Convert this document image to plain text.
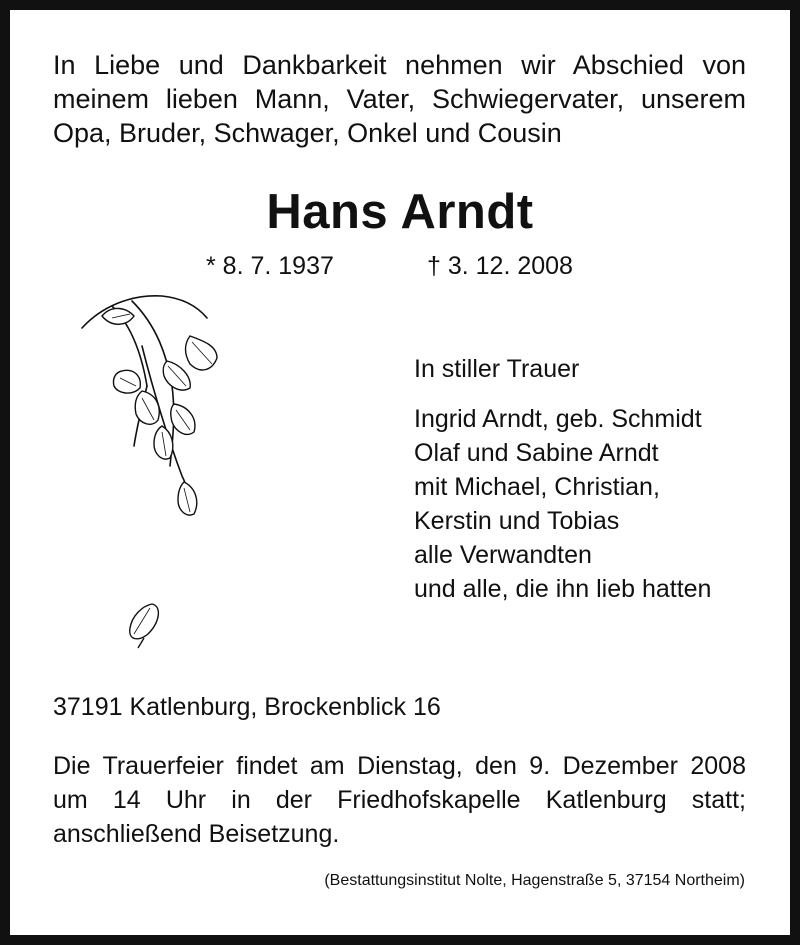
In Liebe und Dankbarkeit nehmen wir Abschied von
meinem lieben Mann, Vater, Schwiegervater, unserem
Opa, Bruder, Schwager, Onkel und Cousin
Hans Arndt
* 8. 7. 1937	† 3. 12. 2008
In stiller Trauer
Ingrid Arndt, geb. Schmidt
Olaf und Sabine Arndt
mit Michael, Christian,
Kerstin und Tobias
alle Verwandten
und alle, die ihn lieb hatten
37191 Katlenburg, Brockenblick 16
Die Trauerfeier findet am Dienstag, den 9. Dezember 2008
um 14 Uhr in der Friedhofskapelle Katlenburg statt;
anschließend Beisetzung.
(Bestattungsinstitut Nolte, Hagenstraße 5, 37154 Northeim)
